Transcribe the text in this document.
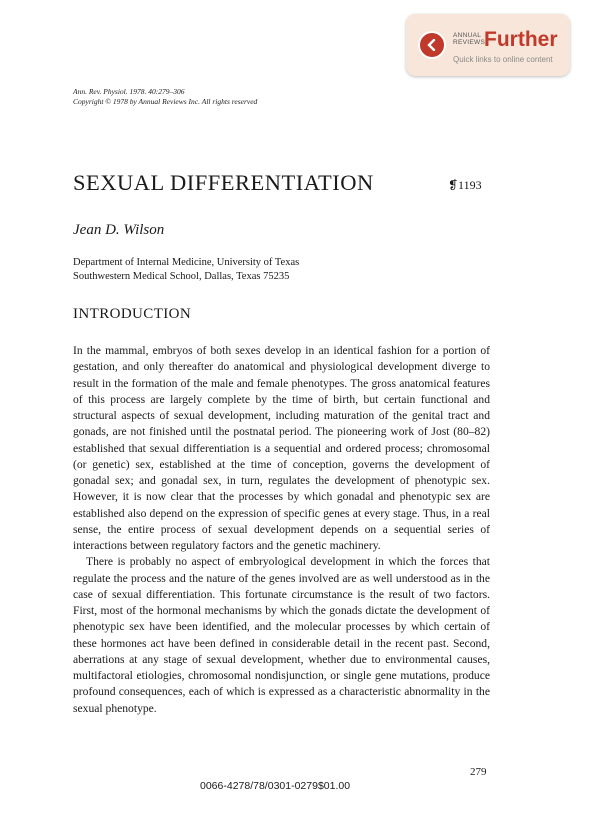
ANNUAL
REVIEWS
Further
Quick links to online content
Ann. Rev. Physiol. 1978. 40:279–306
Copyright © 1978 by Annual Reviews Inc. All rights reserved
SEXUAL DIFFERENTIATION	❡1193
Jean D. Wilson
Department of Internal Medicine, University of Texas
Southwestern Medical School, Dallas, Texas 75235
INTRODUCTION

In the mammal, embryos of both sexes develop in an identical fashion for a portion of gestation, and only thereafter do anatomical and physiological development diverge to result in the formation of the male and female phenotypes. The gross anatomical features of this process are largely complete by the time of birth, but certain functional and structural aspects of sexual development, including maturation of the genital tract and gonads, are not finished until the postnatal period. The pioneering work of Jost (80–82) established that sexual differentiation is a sequential and ordered process; chromosomal (or genetic) sex, established at the time of conception, governs the development of gonadal sex; and gonadal sex, in turn, regulates the development of phenotypic sex. However, it is now clear that the processes by which gonadal and phenotypic sex are established also depend on the expression of specific genes at every stage. Thus, in a real sense, the entire process of sexual development depends on a sequential series of interactions between regulatory factors and the genetic machinery.

There is probably no aspect of embryological development in which the forces that regulate the process and the nature of the genes involved are as well understood as in the case of sexual differentiation. This fortunate circumstance is the result of two factors. First, most of the hormonal mechanisms by which the gonads dictate the development of phenotypic sex have been identified, and the molecular processes by which certain of these hormones act have been defined in considerable detail in the recent past. Second, aberrations at any stage of sexual development, whether due to environmental causes, multifactoral etiologies, chromosomal nondisjunction, or single gene mutations, produce profound consequences, each of which is expressed as a characteristic abnormality in the sexual phenotype.

279
0066-4278/78/0301-0279$01.00
